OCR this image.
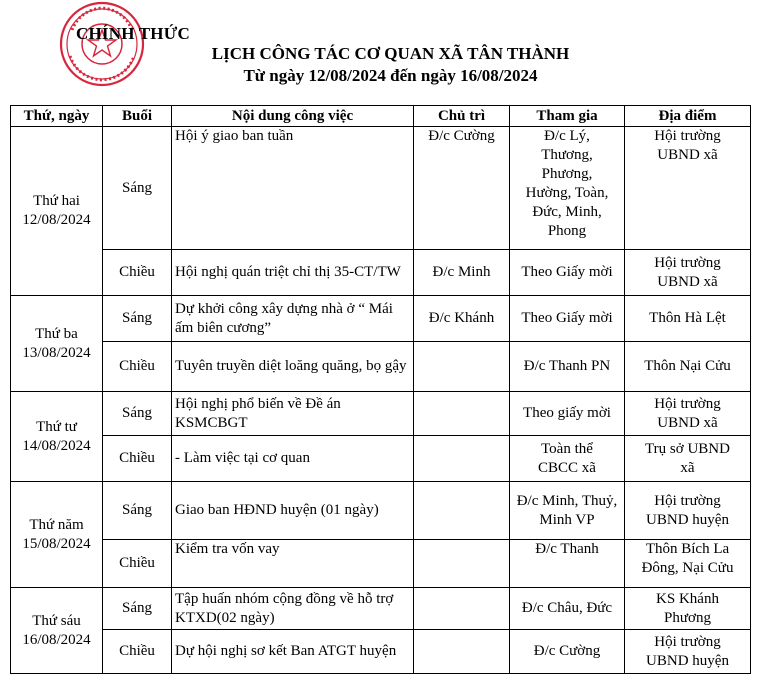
CHÍNH THỨC
LỊCH CÔNG TÁC CƠ QUAN XÃ TÂN THÀNH
Từ ngày 12/08/2024 đến ngày 16/08/2024
Thứ, ngày	Buổi	Nội dung công việc	Chủ trì	Tham gia	Địa điểm

Thứ hai
12/08/2024	Sáng	Hội ý giao ban tuần	Đ/c Cường	Đ/c Lý, Thương, Phương, Hường, Toàn, Đức, Minh, Phong	Hội trường UBND xã
	Chiều	Hội nghị quán triệt chỉ thị 35-CT/TW	Đ/c Minh	Theo Giấy mời	Hội trường UBND xã

Thứ ba
13/08/2024	Sáng	Dự khởi công xây dựng nhà ở “ Mái ấm biên cương”	Đ/c Khánh	Theo Giấy mời	Thôn Hà Lệt
	Chiều	Tuyên truyền diệt loăng quăng, bọ gậy		Đ/c Thanh PN	Thôn Nại Cửu

Thứ tư
14/08/2024	Sáng	Hội nghị phổ biến về Đề án KSMCBGT		Theo giấy mời	Hội trường UBND xã
	Chiều	- Làm việc tại cơ quan		Toàn thể CBCC xã	Trụ sở UBND xã

Thứ năm
15/08/2024	Sáng	Giao ban HĐND huyện (01 ngày)		Đ/c Minh, Thuỷ, Minh VP	Hội trường UBND huyện
	Chiều	Kiểm tra vốn vay		Đ/c Thanh	Thôn Bích La Đông, Nại Cửu

Thứ sáu
16/08/2024	Sáng	Tập huấn nhóm cộng đồng về hỗ trợ KTXD(02 ngày)		Đ/c Châu, Đức	KS Khánh Phương
	Chiều	Dự hội nghị sơ kết Ban ATGT huyện		Đ/c Cường	Hội trường UBND huyện
